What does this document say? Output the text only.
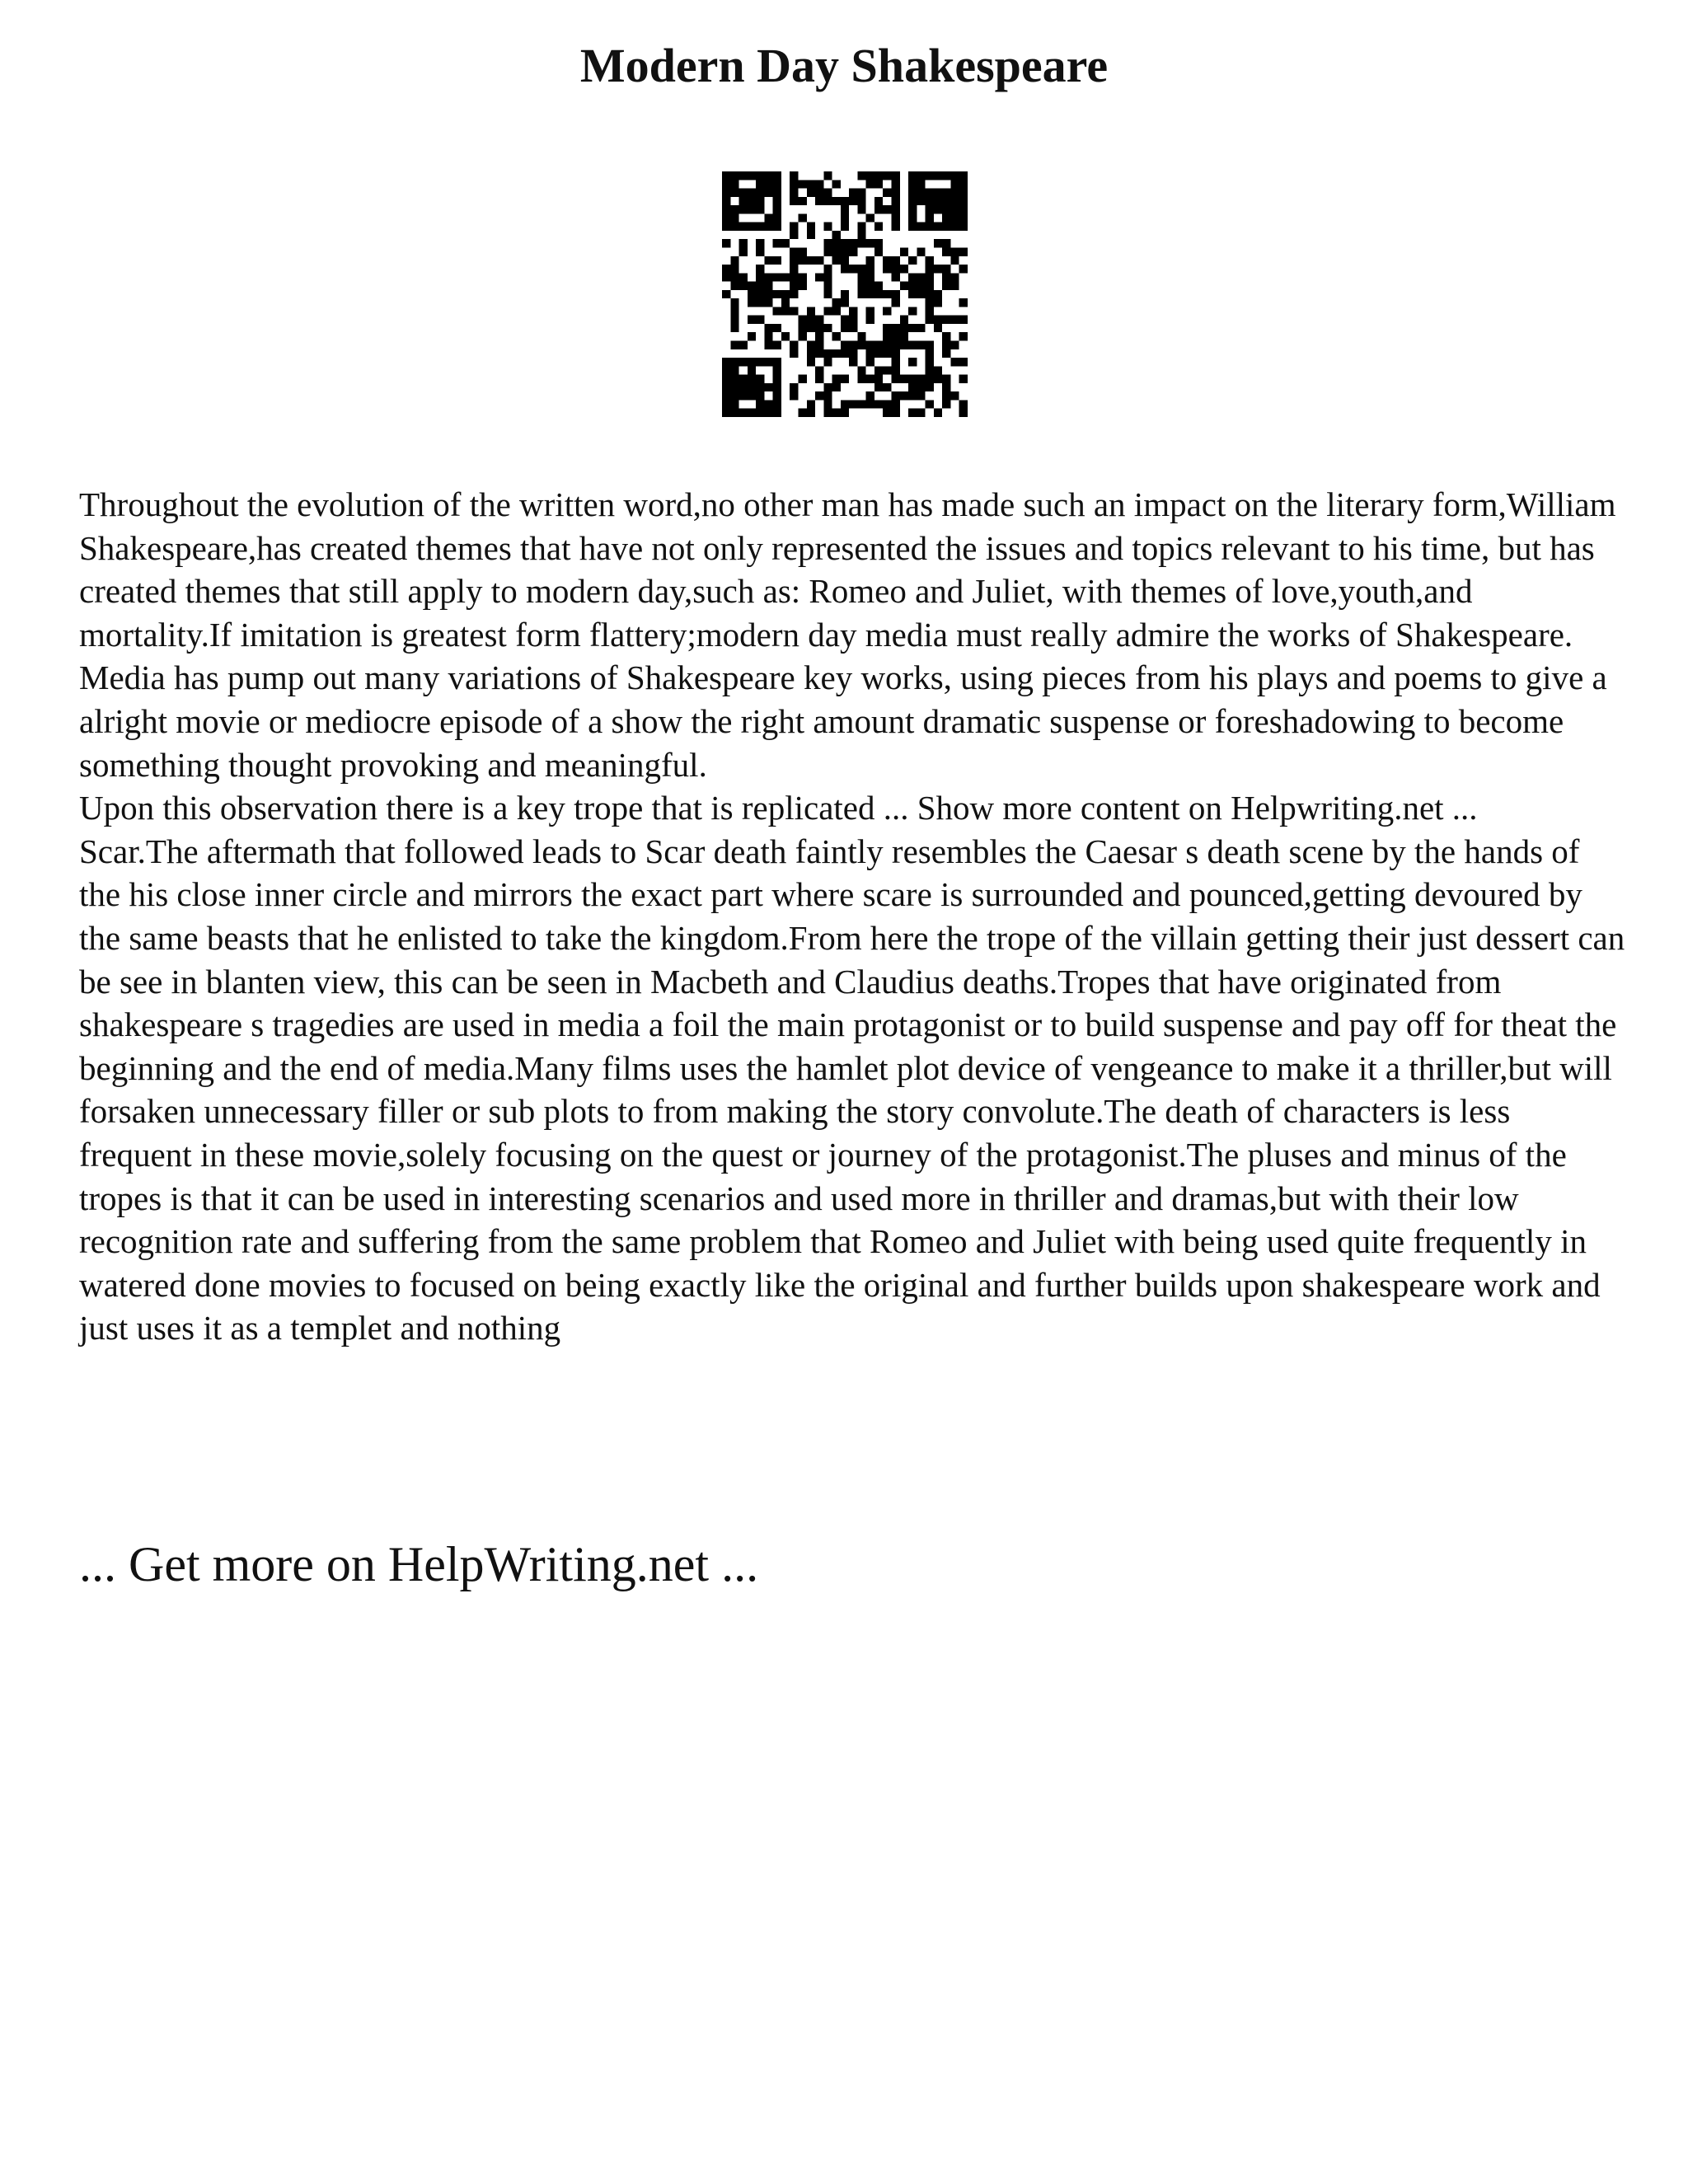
Modern Day Shakespeare

Throughout the evolution of the written word,no other man has made such an impact on the literary form,William Shakespeare,has created themes that have not only represented the issues and topics relevant to his time, but has created themes that still apply to modern day,such as: Romeo and Juliet, with themes of love,youth,and mortality.If imitation is greatest form flattery;modern day media must really admire the works of Shakespeare. Media has pump out many variations of Shakespeare key works, using pieces from his plays and poems to give a alright movie or mediocre episode of a show the right amount dramatic suspense or foreshadowing to become something thought provoking and meaningful.

Upon this observation there is a key trope that is replicated ... Show more content on Helpwriting.net ...

Scar.The aftermath that followed leads to Scar death faintly resembles the Caesar s death scene by the hands of the his close inner circle and mirrors the exact part where scare is surrounded and pounced,getting devoured by the same beasts that he enlisted to take the kingdom.From here the trope of the villain getting their just dessert can be see in blanten view, this can be seen in Macbeth and Claudius deaths.Tropes that have originated from shakespeare s tragedies are used in media a foil the main protagonist or to build suspense and pay off for theat the beginning and the end of media.Many films uses the hamlet plot device of vengeance to make it a thriller,but will forsaken unnecessary filler or sub plots to from making the story convolute.The death of characters is less frequent in these movie,solely focusing on the quest or journey of the protagonist.The pluses and minus of the tropes is that it can be used in interesting scenarios and used more in thriller and dramas,but with their low recognition rate and suffering from the same problem that Romeo and Juliet with being used quite frequently in watered done movies to focused on being exactly like the original and further builds upon shakespeare work and just uses it as a templet and nothing

... Get more on HelpWriting.net ...
